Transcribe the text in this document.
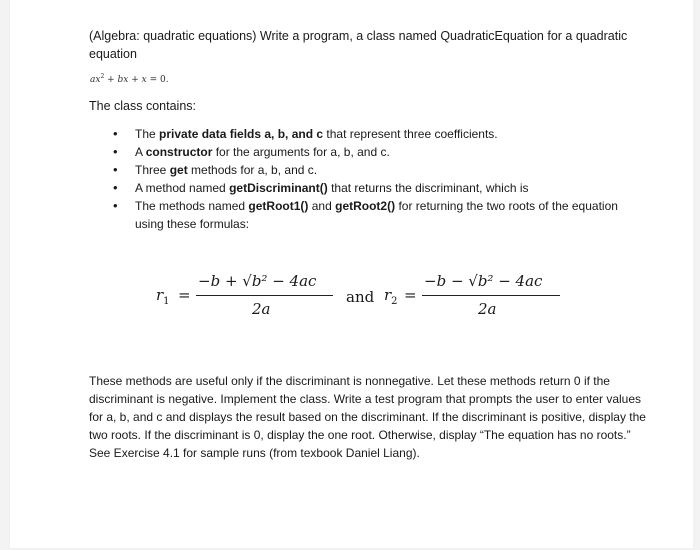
(Algebra: quadratic equations) Write a program, a class named QuadraticEquation for a quadratic equation
$ax^2$ + bx + x = 0.
The class contains:
• The private data fields a, b, and c that represent three coefficients.
• A constructor for the arguments for a, b, and c.
• Three get methods for a, b, and c.
• A method named getDiscriminant() that returns the discriminant, which is
• The methods named getRoot1() and getRoot2() for returning the two roots of the equation using these formulas:
$r_1$ =
−b + √b² − 4ac
2a
and $r_2$ =
−b − √b² − 4ac
2a
These methods are useful only if the discriminant is nonnegative. Let these methods return 0 if the discriminant is negative. Implement the class. Write a test program that prompts the user to enter values for a, b, and c and displays the result based on the discriminant. If the discriminant is positive, display the two roots. If the discriminant is 0, display the one root. Otherwise, display “The equation has no roots.” See Exercise 4.1 for sample runs (from texbook Daniel Liang).
